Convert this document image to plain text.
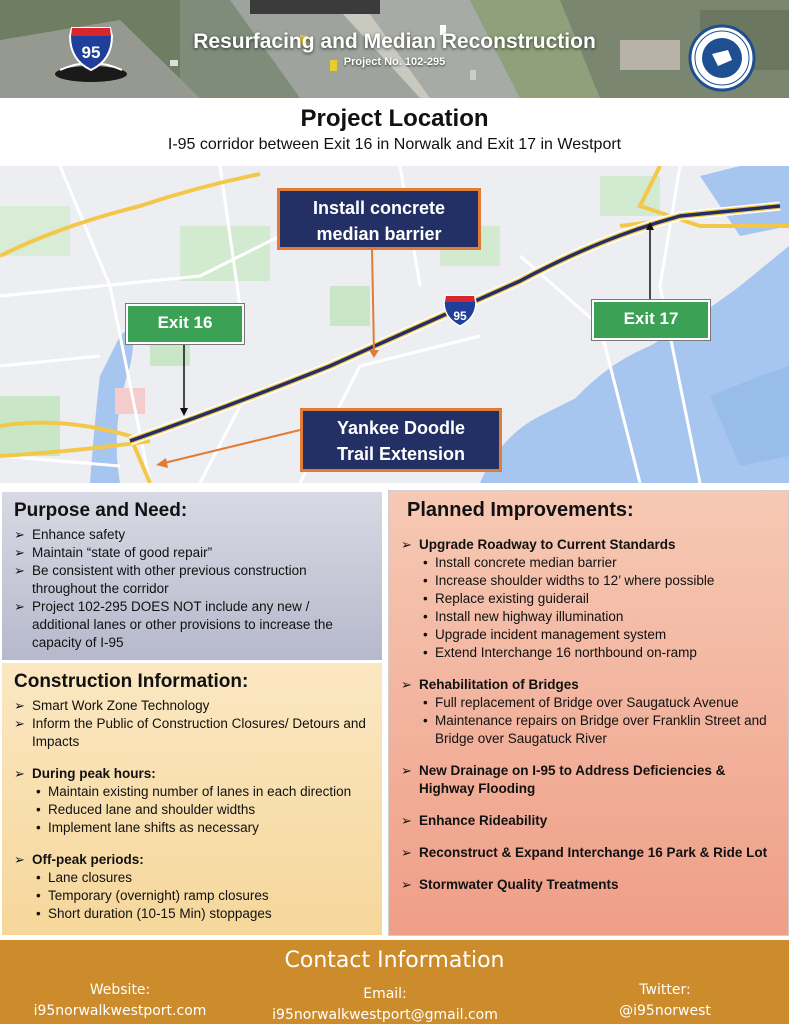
95	Resurfacing and Median Reconstruction
Project No. 102-295
Project Location
I-95 corridor between Exit 16 in Norwalk and Exit 17 in Westport
95
Install concrete median barrier
Yankee Doodle Trail Extension
Exit 16	Exit 17
Purpose and Need:
➢ Enhance safety
➢ Maintain “state of good repair”
➢ Be consistent with other previous construction throughout the corridor
➢ Project 102-295 DOES NOT include any new / additional lanes or other provisions to increase the capacity of I-95
Construction Information:
➢ Smart Work Zone Technology
➢ Inform the Public of Construction Closures/ Detours and Impacts
➢ During peak hours:
• Maintain existing number of lanes in each direction
• Reduced lane and shoulder widths
• Implement lane shifts as necessary
➢ Off-peak periods:
• Lane closures
• Temporary (overnight) ramp closures
• Short duration (10-15 Min) stoppages
Planned Improvements:
➢ Upgrade Roadway to Current Standards
• Install concrete median barrier
• Increase shoulder widths to 12’ where possible
• Replace existing guiderail
• Install new highway illumination
• Upgrade incident management system
• Extend Interchange 16 northbound on-ramp
➢ Rehabilitation of Bridges
• Full replacement of Bridge over Saugatuck Avenue
• Maintenance repairs on Bridge over Franklin Street and Bridge over Saugatuck River
➢ New Drainage on I-95 to Address Deficiencies & Highway Flooding
➢ Enhance Rideability
➢ Reconstruct & Expand Interchange 16 Park & Ride Lot
➢ Stormwater Quality Treatments
Contact Information
Website:
i95norwalkwestport.com
Email:
i95norwalkwestport@gmail.com
Twitter:
@i95norwest
